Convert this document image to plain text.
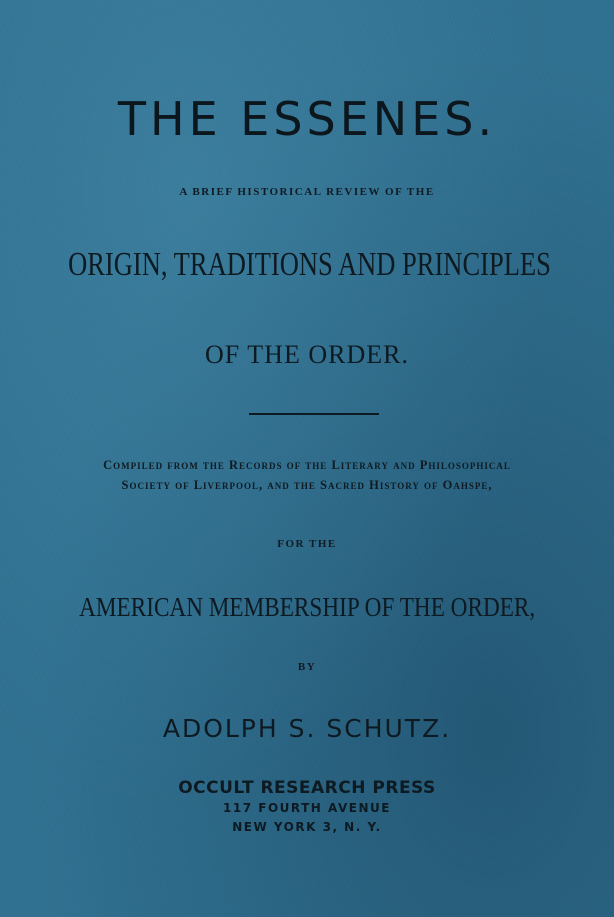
THE ESSENES.
A BRIEF HISTORICAL REVIEW OF THE
ORIGIN, TRADITIONS AND PRINCIPLES
OF THE ORDER.
Compiled from the Records of the Literary and Philosophical
Society of Liverpool, and the Sacred History of Oahspe,
FOR THE
AMERICAN MEMBERSHIP OF THE ORDER,
BY
ADOLPH S. SCHUTZ.
OCCULT RESEARCH PRESS
117 FOURTH AVENUE
NEW YORK 3, N. Y.
